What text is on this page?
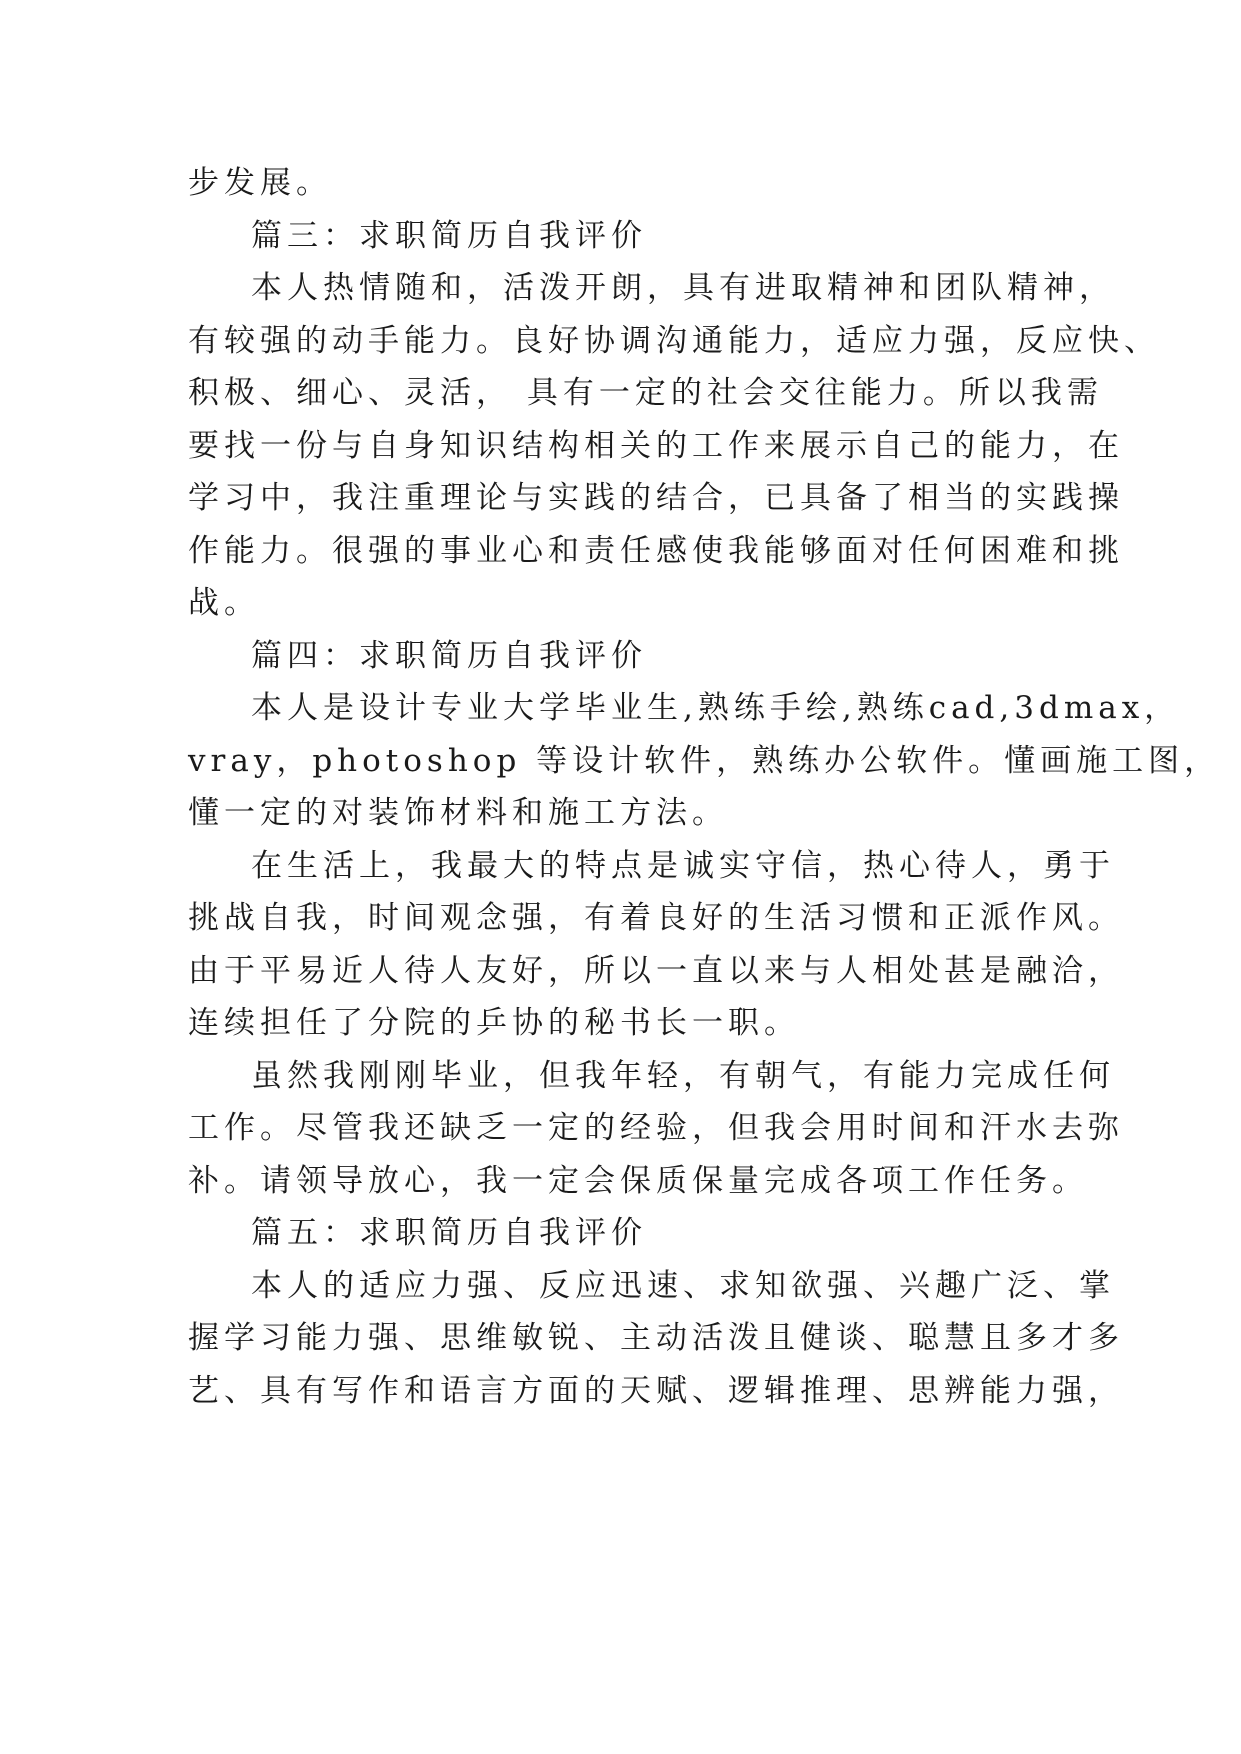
步发展。
篇三：求职简历自我评价
本人热情随和，活泼开朗，具有进取精神和团队精神，
有较强的动手能力。良好协调沟通能力，适应力强，反应快、
积极、细心、灵活， 具有一定的社会交往能力。所以我需
要找一份与自身知识结构相关的工作来展示自己的能力，在
学习中，我注重理论与实践的结合，已具备了相当的实践操
作能力。很强的事业心和责任感使我能够面对任何困难和挑
战。
篇四：求职简历自我评价
本人是设计专业大学毕业生,熟练手绘,熟练cad,3dmax，
vray，photoshop 等设计软件，熟练办公软件。懂画施工图，
懂一定的对装饰材料和施工方法。
在生活上，我最大的特点是诚实守信，热心待人，勇于
挑战自我，时间观念强，有着良好的生活习惯和正派作风。
由于平易近人待人友好，所以一直以来与人相处甚是融洽，
连续担任了分院的乒协的秘书长一职。
虽然我刚刚毕业，但我年轻，有朝气，有能力完成任何
工作。尽管我还缺乏一定的经验，但我会用时间和汗水去弥
补。请领导放心，我一定会保质保量完成各项工作任务。
篇五：求职简历自我评价
本人的适应力强、反应迅速、求知欲强、兴趣广泛、掌
握学习能力强、思维敏锐、主动活泼且健谈、聪慧且多才多
艺、具有写作和语言方面的天赋、逻辑推理、思辨能力强，
